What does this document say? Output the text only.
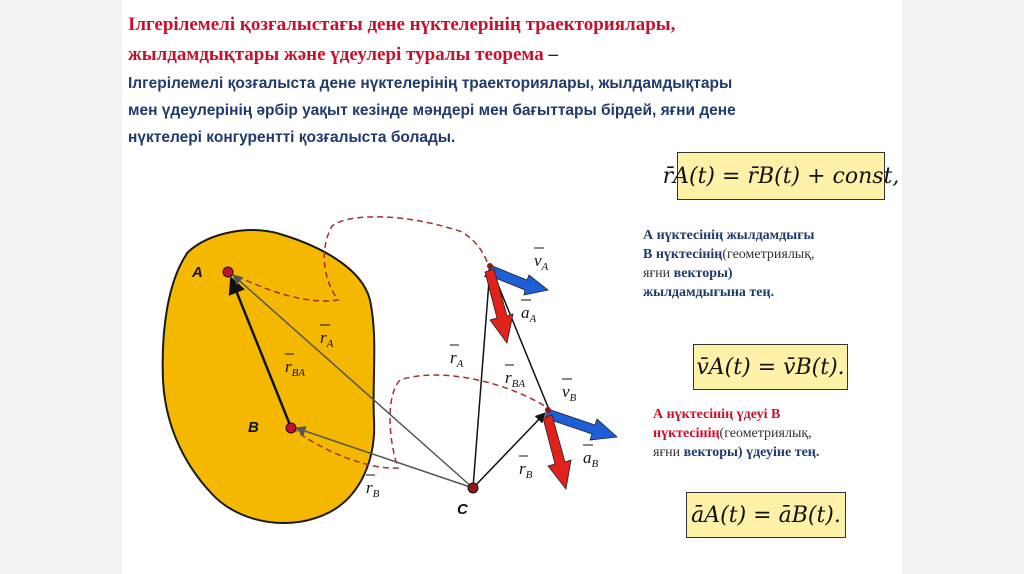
Ілгерілемелі қозғалыстағы дене нүктелерінің траекториялары,
жылдамдықтары және үдеулері туралы теорема –
Ілгерілемелі қозғалыста дене нүктелерінің траекториялары, жылдамдықтары
мен үдеулерінің әрбір уақыт кезінде мәндері мен бағыттары бірдей, яғни дене
нүктелері конгурентті қозғалыста болады.
A
B
C
$r_A$
$r_{BA}$
$r_B$
$r_A$
$r_{BA}$
$r_B$
$v_A$
$a_A$
$v_B$
$a_B$
r̄A(t) = r̄B(t) + const,
А нүктесінің жылдамдығы
В нүктесінің(геометриялық,
яғни векторы)
жылдамдығына тең.
v̄A(t) = v̄B(t).
А нүктесінің үдеуі В
нүктесінің(геометриялық,
яғни векторы) үдеуіне тең.
āA(t) = āB(t).
